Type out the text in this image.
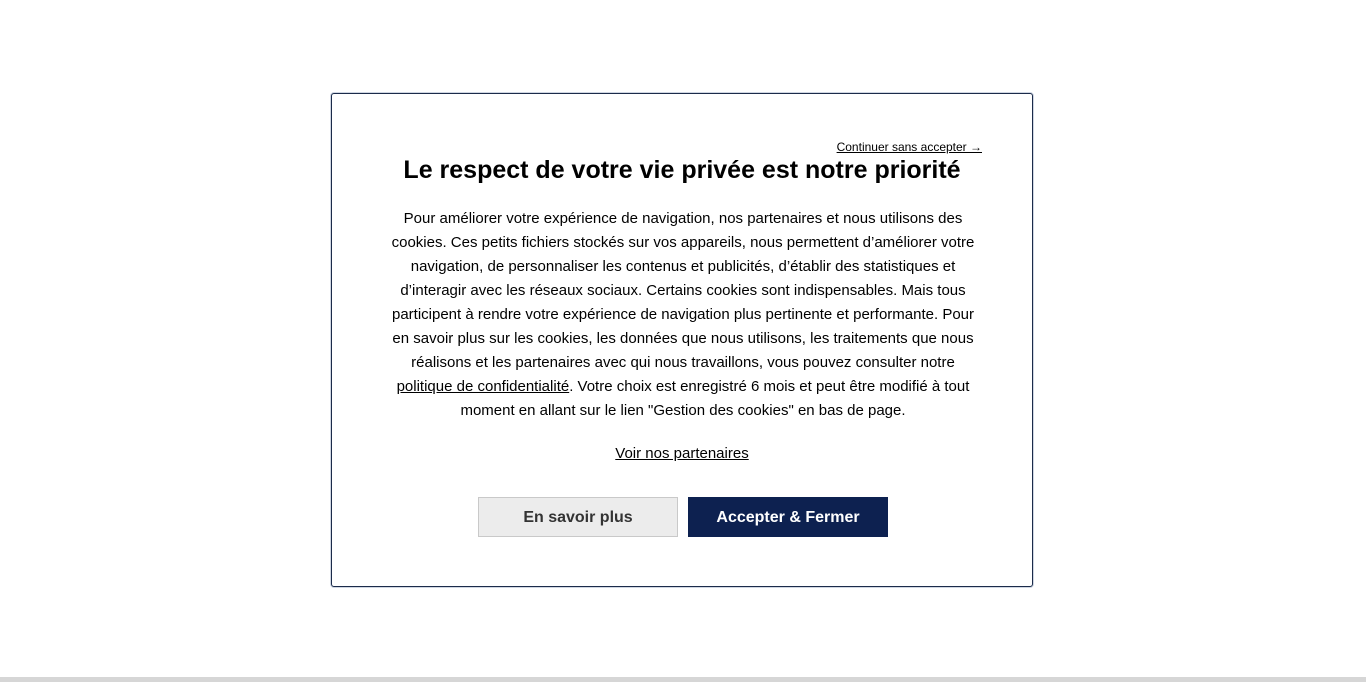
Continuer sans accepter →
Le respect de votre vie privée est notre priorité

Pour améliorer votre expérience de navigation, nos partenaires et nous utilisons des cookies. Ces petits fichiers stockés sur vos appareils, nous permettent d’améliorer votre navigation, de personnaliser les contenus et publicités, d’établir des statistiques et d’interagir avec les réseaux sociaux. Certains cookies sont indispensables. Mais tous participent à rendre votre expérience de navigation plus pertinente et performante. Pour en savoir plus sur les cookies, les données que nous utilisons, les traitements que nous réalisons et les partenaires avec qui nous travaillons, vous pouvez consulter notre politique de confidentialité. Votre choix est enregistré 6 mois et peut être modifié à tout moment en allant sur le lien "Gestion des cookies" en bas de page.

Voir nos partenaires
En savoir plus	Accepter & Fermer
